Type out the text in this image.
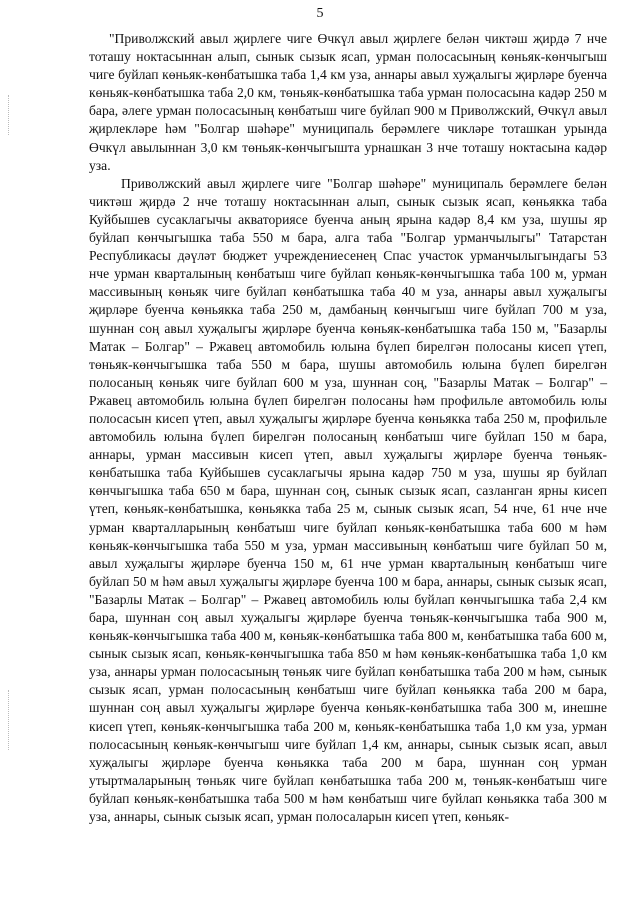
5

"Приволжский авыл җирлеге чиге Өчкүл авыл җирлеге белән чиктәш җирдә 7 нче тоташу ноктасыннан алып, сынык сызык ясап, урман полосасының көньяк-көнчыгыш чиге буйлап көньяк-көнбатышка таба 1,4 км уза, аннары авыл хуҗалыгы җирләре буенча көньяк-көнбатышка таба 2,0 км, төньяк-көнбатышка таба урман полосасына кадәр 250 м бара, әлеге урман полосасының көнбатыш чиге буйлап 900 м Приволжский, Өчкүл авыл җирлекләре һәм "Болгар шәһәре" муниципаль берәмлеге чикләре тоташкан урында Өчкүл авылыннан 3,0 км төньяк-көнчыгышта урнашкан 3 нче тоташу ноктасына кадәр уза.

Приволжский авыл җирлеге чиге "Болгар шәһәре" муниципаль берәмлеге белән чиктәш җирдә 2 нче тоташу ноктасыннан алып, сынык сызык ясап, көньякка таба Куйбышев сусаклагычы акваториясе буенча аның ярына кадәр 8,4 км уза, шушы яр буйлап көнчыгышка таба 550 м бара, алга таба "Болгар урманчылыгы" Татарстан Республикасы дәүләт бюджет учреждениесенең Спас участок урманчылыгындагы 53 нче урман кварталының көнбатыш чиге буйлап көньяк-көнчыгышка таба 100 м, урман массивының көньяк чиге буйлап көнбатышка таба 40 м уза, аннары авыл хуҗалыгы җирләре буенча көньякка таба 250 м, дамбаның көнчыгыш чиге буйлап 700 м уза, шуннан соң авыл хуҗалыгы җирләре буенча көньяк-көнбатышка таба 150 м, "Базарлы Матак – Болгар" – Ржавец автомобиль юлына бүлеп бирелгән полосаны кисеп үтеп, төньяк-көнчыгышка таба 550 м бара, шушы автомобиль юлына бүлеп бирелгән полосаның көньяк чиге буйлап 600 м уза, шуннан соң, "Базарлы Матак – Болгар" – Ржавец автомобиль юлына бүлеп бирелгән полосаны һәм профильле автомобиль юлы полосасын кисеп үтеп, авыл хуҗалыгы җирләре буенча көньякка таба 250 м, профильле автомобиль юлына бүлеп бирелгән полосаның көнбатыш чиге буйлап 150 м бара, аннары, урман массивын кисеп үтеп, авыл хуҗалыгы җирләре буенча төньяк-көнбатышка таба Куйбышев сусаклагычы ярына кадәр 750 м уза, шушы яр буйлап көнчыгышка таба 650 м бара, шуннан соң, сынык сызык ясап, сазланган ярны кисеп үтеп, көньяк-көнбатышка, көньякка таба 25 м, сынык сызык ясап, 54 нче, 61 нче нче урман кварталларының көнбатыш чиге буйлап көньяк-көнбатышка таба 600 м һәм көньяк-көнчыгышка таба 550 м уза, урман массивының көнбатыш чиге буйлап 50 м, авыл хуҗалыгы җирләре буенча 150 м, 61 нче урман кварталының көнбатыш чиге буйлап 50 м һәм авыл хуҗалыгы җирләре буенча 100 м бара, аннары, сынык сызык ясап, "Базарлы Матак – Болгар" – Ржавец автомобиль юлы буйлап көнчыгышка таба 2,4 км бара, шуннан соң авыл хуҗалыгы җирләре буенча төньяк-көнчыгышка таба 900 м, көньяк-көнчыгышка таба 400 м, көньяк-көнбатышка таба 800 м, көнбатышка таба 600 м, сынык сызык ясап, көньяк-көнчыгышка таба 850 м һәм көньяк-көнбатышка таба 1,0 км уза, аннары урман полосасының төньяк чиге буйлап көнбатышка таба 200 м һәм, сынык сызык ясап, урман полосасының көнбатыш чиге буйлап көньякка таба 200 м бара, шуннан соң авыл хуҗалыгы җирләре буенча көньяк-көнбатышка таба 300 м, инешне кисеп үтеп, көньяк-көнчыгышка таба 200 м, көньяк-көнбатышка таба 1,0 км уза, урман полосасының көньяк-көнчыгыш чиге буйлап 1,4 км, аннары, сынык сызык ясап, авыл хуҗалыгы җирләре буенча көньякка таба 200 м бара, шуннан соң урман утыртмаларының төньяк чиге буйлап көнбатышка таба 200 м, төньяк-көнбатыш чиге буйлап көньяк-көнбатышка таба 500 м һәм көнбатыш чиге буйлап көньякка таба 300 м уза, аннары, сынык сызык ясап, урман полосаларын кисеп үтеп, көньяк-
